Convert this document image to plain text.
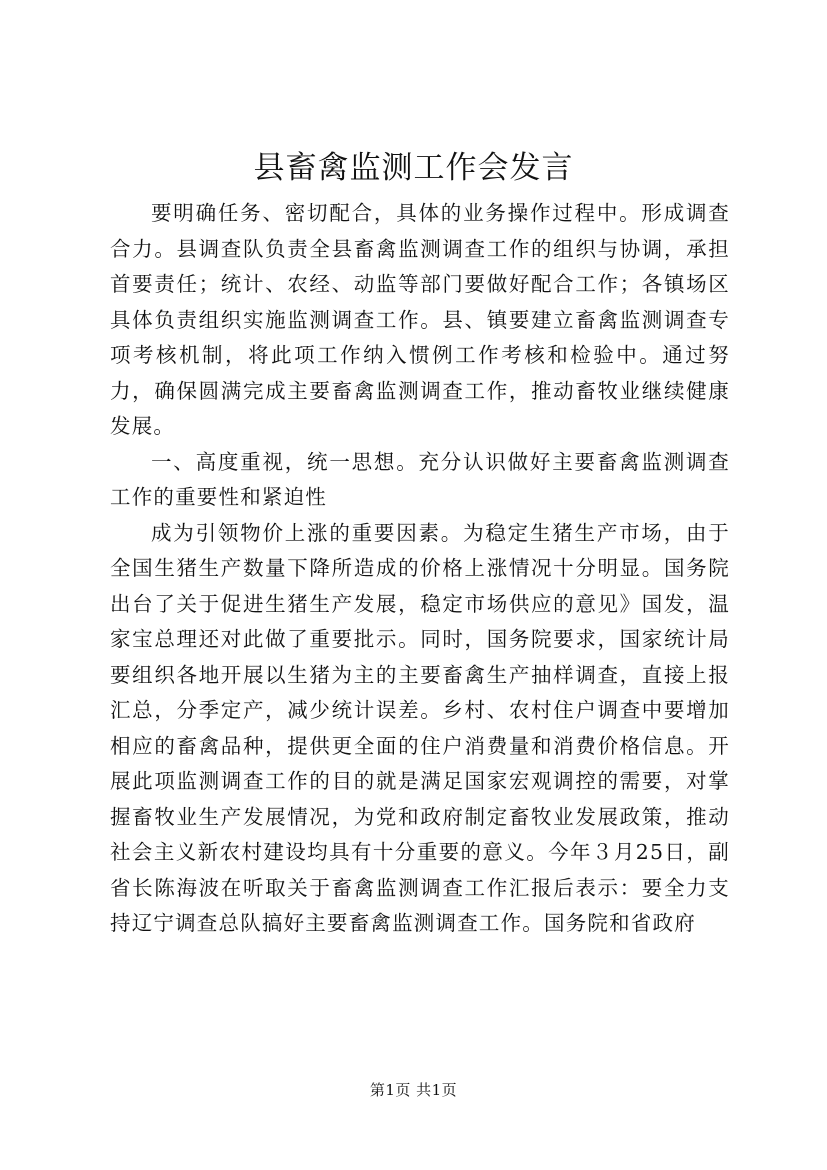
县畜禽监测工作会发言

要明确任务、密切配合，具体的业务操作过程中。形成调查合力。县调查队负责全县畜禽监测调查工作的组织与协调，承担首要责任；统计、农经、动监等部门要做好配合工作；各镇场区具体负责组织实施监测调查工作。县、镇要建立畜禽监测调查专项考核机制，将此项工作纳入惯例工作考核和检验中。通过努力，确保圆满完成主要畜禽监测调查工作，推动畜牧业继续健康发展。

一、高度重视，统一思想。充分认识做好主要畜禽监测调查工作的重要性和紧迫性

成为引领物价上涨的重要因素。为稳定生猪生产市场，由于全国生猪生产数量下降所造成的价格上涨情况十分明显。国务院出台了关于促进生猪生产发展，稳定市场供应的意见》国发，温家宝总理还对此做了重要批示。同时，国务院要求，国家统计局要组织各地开展以生猪为主的主要畜禽生产抽样调查，直接上报汇总，分季定产，减少统计误差。乡村、农村住户调查中要增加相应的畜禽品种，提供更全面的住户消费量和消费价格信息。开展此项监测调查工作的目的就是满足国家宏观调控的需要，对掌握畜牧业生产发展情况，为党和政府制定畜牧业发展政策，推动社会主义新农村建设均具有十分重要的意义。今年３月25日，副省长陈海波在听取关于畜禽监测调查工作汇报后表示：要全力支持辽宁调查总队搞好主要畜禽监测调查工作。国务院和省政府

第1页 共1页
